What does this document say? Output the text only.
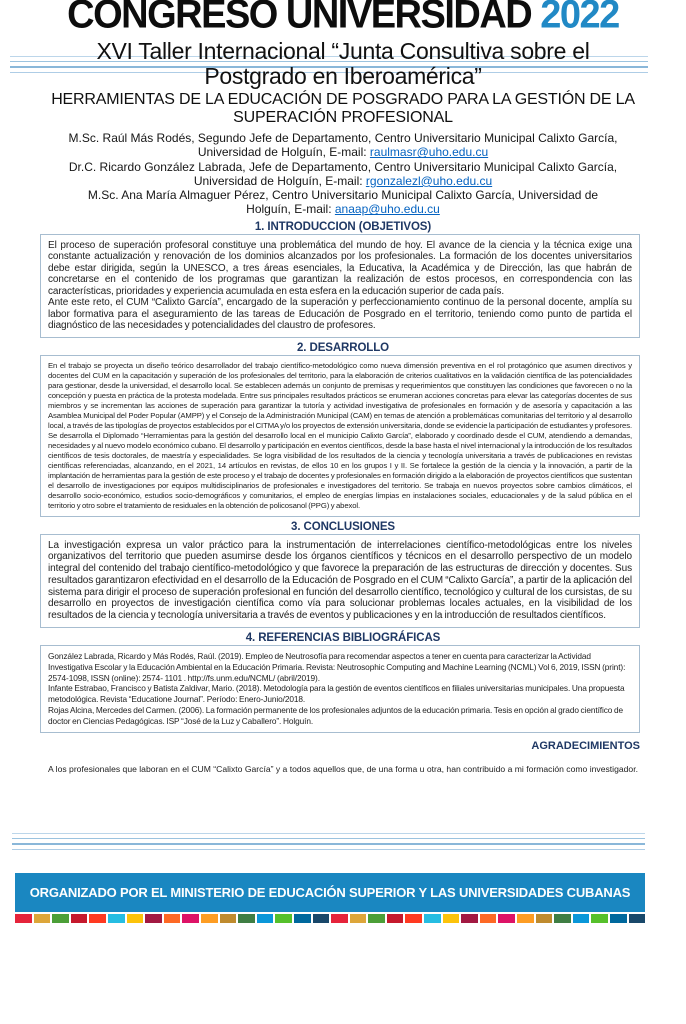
CONGRESO UNIVERSIDAD 2022
XVI Taller Internacional “Junta Consultiva sobre el Postgrado en Iberoamérica”
HERRAMIENTAS DE LA EDUCACIÓN DE POSGRADO PARA LA GESTIÓN DE LA SUPERACIÓN PROFESIONAL

M.Sc. Raúl Más Rodés, Segundo Jefe de Departamento, Centro Universitario Municipal Calixto García, Universidad de Holguín, E-mail: raulmasr@uho.edu.cu

Dr.C. Ricardo González Labrada, Jefe de Departamento, Centro Universitario Municipal Calixto García, Universidad de Holguín, E-mail: rgonzalezl@uho.edu.cu

M.Sc. Ana María Almaguer Pérez, Centro Universitario Municipal Calixto García, Universidad de Holguín, E-mail: anaap@uho.edu.cu

1. INTRODUCCION (OBJETIVOS)

El proceso de superación profesoral constituye una problemática del mundo de hoy. El avance de la ciencia y la técnica exige una constante actualización y renovación de los dominios alcanzados por los profesionales. La formación de los docentes universitarios debe estar dirigida, según la UNESCO, a tres áreas esenciales, la Educativa, la Académica y de Dirección, las que habrán de concretarse en el contenido de los programas que garantizan la realización de estos procesos, en correspondencia con las características, prioridades y experiencia acumulada en esta esfera en la educación superior de cada país.

Ante este reto, el CUM “Calixto García”, encargado de la superación y perfeccionamiento continuo de la personal docente, amplía su labor formativa para el aseguramiento de las tareas de Educación de Posgrado en el territorio, teniendo como punto de partida el diagnóstico de las necesidades y potencialidades del claustro de profesores.

2. DESARROLLO

En el trabajo se proyecta un diseño teórico desarrollador del trabajo científico-metodológico como nueva dimensión preventiva en el rol protagónico que asumen directivos y docentes del CUM en la capacitación y superación de los profesionales del territorio, para la elaboración de criterios cualitativos en la validación científica de las potencialidades para gestionar, desde la universidad, el desarrollo local. Se establecen además un conjunto de premisas y requerimientos que constituyen las condiciones que favorecen o no la concepción y puesta en práctica de la protesta modelada. Entre sus principales resultados prácticos se enumeran acciones concretas para elevar las categorías docentes de sus miembros y se incrementan las acciones de superación para garantizar la tutoría y actividad investigativa de profesionales en formación y de asesoría y capacitación a las Asamblea Municipal del Poder Popular (AMPP) y el Consejo de la Administración Municipal (CAM) en temas de atención a problemáticas comunitarias del territorio y al desarrollo local, a través de las tipologías de proyectos establecidos por el CITMA y/o los proyectos de extensión universitaria, donde se evidencie la participación de estudiantes y profesores. Se desarrolla el Diplomado “Herramientas para la gestión del desarrollo local en el municipio Calixto García”, elaborado y coordinado desde el CUM, atendiendo a demandas, necesidades y al nuevo modelo económico cubano. El desarrollo y participación en eventos científicos, desde la base hasta el nivel internacional y la introducción de los resultados científicos de tesis doctorales, de maestría y especialidades. Se logra visibilidad de los resultados de la ciencia y tecnología universitaria a través de publicaciones en revistas científicas referenciadas, alcanzando, en el 2021, 14 artículos en revistas, de ellos 10 en los grupos I y II. Se fortalece la gestión de la ciencia y la innovación, a partir de la implantación de herramientas para la gestión de este proceso y el trabajo de docentes y profesionales en formación dirigido a la elaboración de proyectos científicos que sustentan el desarrollo de investigaciones por equipos multidisciplinarios de profesionales e investigadores del territorio. Se trabaja en nuevos proyectos sobre cambios climáticos, el desarrollo socio-económico, estudios socio-demográficos y comunitarios, el empleo de energías limpias en instalaciones sociales, educacionales y de la salud pública en el territorio y otro sobre el tratamiento de residuales en la obtención de policosanol (PPG) y abexol.

3. CONCLUSIONES

La investigación expresa un valor práctico para la instrumentación de interrelaciones científico-metodológicas entre los niveles organizativos del territorio que pueden asumirse desde los órganos científicos y técnicos en el desarrollo perspectivo de un modelo integral del contenido del trabajo científico-metodológico y que favorece la preparación de las estructuras de dirección y docentes. Sus resultados garantizaron efectividad en el desarrollo de la Educación de Posgrado en el CUM “Calixto García”, a partir de la aplicación del sistema para dirigir el proceso de superación profesional en función del desarrollo científico, tecnológico y cultural de los cursistas, de su desarrollo en proyectos de investigación científica como vía para solucionar problemas locales actuales, en la visibilidad de los resultados de la ciencia y tecnología universitaria a través de eventos y publicaciones y en la introducción de resultados científicos.

4. REFERENCIAS BIBLIOGRÁFICAS

González Labrada, Ricardo y Más Rodés, Raúl. (2019). Empleo de Neutrosofía para recomendar aspectos a tener en cuenta para caracterizar la Actividad Investigativa Escolar y la Educación Ambiental en la Educación Primaria. Revista: Neutrosophic Computing and Machine Learning (NCML) Vol 6, 2019, ISSN (print): 2574-1098, ISSN (online): 2574- 1101 . http://fs.unm.edu/NCML/ (abril/2019).

Infante Estrabao, Francisco y Batista Zaldivar, Mario. (2018). Metodología para la gestión de eventos científicos en filiales universitarias municipales. Una propuesta metodológica. Revista “Educatione Journal”. Período: Enero-Junio/2018.

Rojas Alcina, Mercedes del Carmen. (2006). La formación permanente de los profesionales adjuntos de la educación primaria. Tesis en opción al grado científico de doctor en Ciencias Pedagógicas. ISP “José de la Luz y Caballero”. Holguín.

AGRADECIMIENTOS

A los profesionales que laboran en el CUM “Calixto García” y a todos aquellos que, de una forma u otra, han contribuido a mi formación como investigador.

ORGANIZADO POR EL MINISTERIO DE EDUCACIÓN SUPERIOR Y LAS UNIVERSIDADES CUBANAS
